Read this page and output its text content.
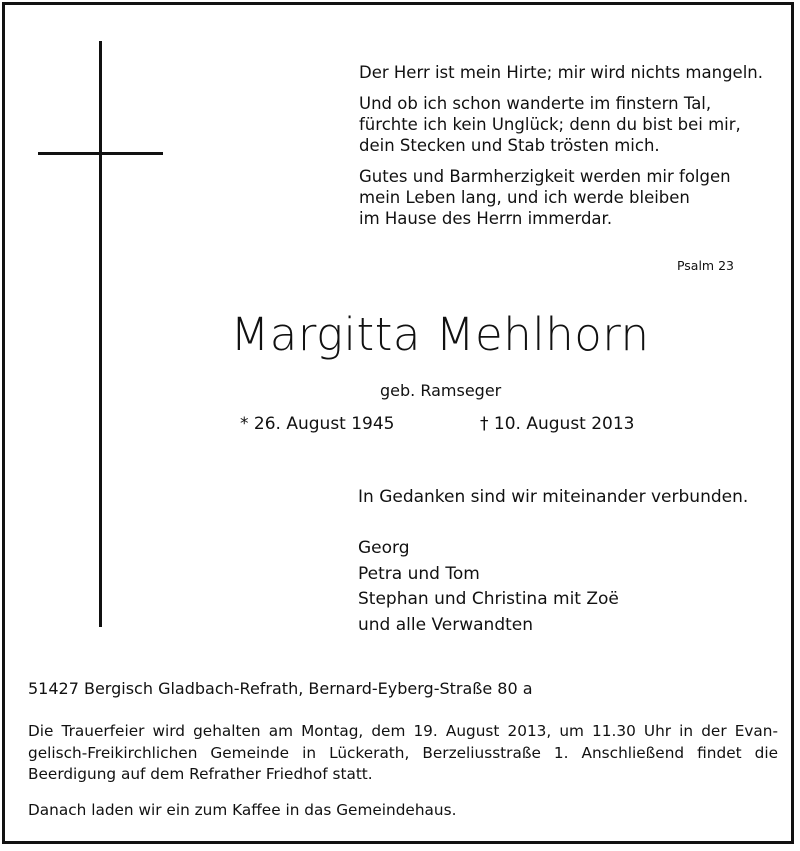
Der Herr ist mein Hirte; mir wird nichts mangeln.

Und ob ich schon wanderte im finstern Tal,

fürchte ich kein Unglück; denn du bist bei mir,

dein Stecken und Stab trösten mich.

Gutes und Barmherzigkeit werden mir folgen

mein Leben lang, und ich werde bleiben

im Hause des Herrn immerdar.

Psalm 23
Margitta Mehlhorn
geb. Ramseger
* 26. August 1945	† 10. August 2013
In Gedanken sind wir miteinander verbunden.
Georg
Petra und Tom
Stephan und Christina mit Zoë
und alle Verwandten
51427 Bergisch Gladbach-Refrath, Bernard-Eyberg-Straße 80 a
Die Trauerfeier wird gehalten am Montag, dem 19. August 2013, um 11.30 Uhr in der Evan-
gelisch-Freikirchlichen Gemeinde in Lückerath, Berzeliusstraße 1. Anschließend findet die
Beerdigung auf dem Refrather Friedhof statt.
Danach laden wir ein zum Kaffee in das Gemeindehaus.
